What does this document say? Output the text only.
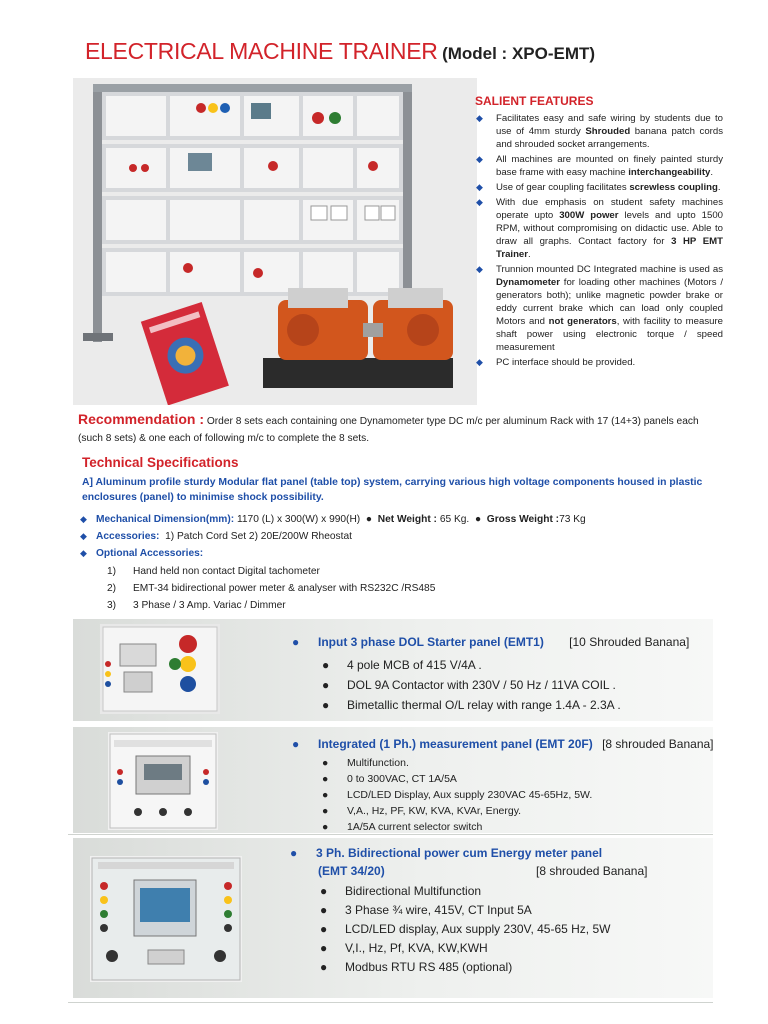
ELECTRICAL MACHINE TRAINER (Model : XPO-EMT)
SALIENT FEATURES
◆ Facilitates easy and safe wiring by students due to use of 4mm sturdy Shrouded banana patch cords and shrouded socket arrangements.
◆ All machines are mounted on finely painted sturdy base frame with easy machine interchangeability.
◆ Use of gear coupling facilitates screwless coupling.
◆ With due emphasis on student safety machines operate upto 300W power levels and upto 1500 RPM, without compromising on didactic use. Able to draw all graphs. Contact factory for 3 HP EMT Trainer.
◆ Trunnion mounted DC Integrated machine is used as Dynamometer for loading other machines (Motors / generators both); unlike magnetic powder brake or eddy current brake which can load only coupled Motors and not generators, with facility to measure shaft power using electronic torque / speed measurement
◆ PC interface should be provided.
Recommendation : Order 8 sets each containing one Dynamometer type DC m/c per aluminum Rack with 17 (14+3) panels each (such 8 sets) & one each of following m/c to complete the 8 sets.
Technical Specifications
A] Aluminum profile sturdy Modular flat panel (table top) system, carrying various high voltage components housed in plastic enclosures (panel) to minimise shock possibility.
◆ Mechanical Dimension(mm): 1170 (L) x 300(W) x 990(H)  ●  Net Weight : 65 Kg.  ●  Gross Weight :73 Kg
◆ Accessories: 1) Patch Cord Set 2) 20E/200W Rheostat
◆ Optional Accessories:
1) Hand held non contact Digital tachometer
2) EMT-34 bidirectional power meter & analyser with RS232C /RS485
3) 3 Phase / 3 Amp. Variac / Dimmer
● Input 3 phase DOL Starter panel (EMT1) [10 Shrouded Banana]
● 4 pole MCB of 415 V/4A .
● DOL 9A Contactor with 230V / 50 Hz / 11VA COIL .
● Bimetallic thermal O/L relay with range 1.4A - 2.3A .
● Integrated (1 Ph.) measurement panel (EMT 20F) [8 shrouded Banana]
● Multifunction.
● 0 to 300VAC, CT 1A/5A
● LCD/LED Display, Aux supply 230VAC 45-65Hz, 5W.
● V,A., Hz, PF, KW, KVA, KVAr, Energy.
● 1A/5A current selector switch
● 3 Ph. Bidirectional power cum Energy meter panel
(EMT 34/20)	[8 shrouded Banana]
● Bidirectional Multifunction
● 3 Phase ¾ wire, 415V, CT Input 5A
● LCD/LED display, Aux supply 230V, 45-65 Hz, 5W
● V,I., Hz, Pf, KVA, KW,KWH
● Modbus RTU RS 485 (optional)
